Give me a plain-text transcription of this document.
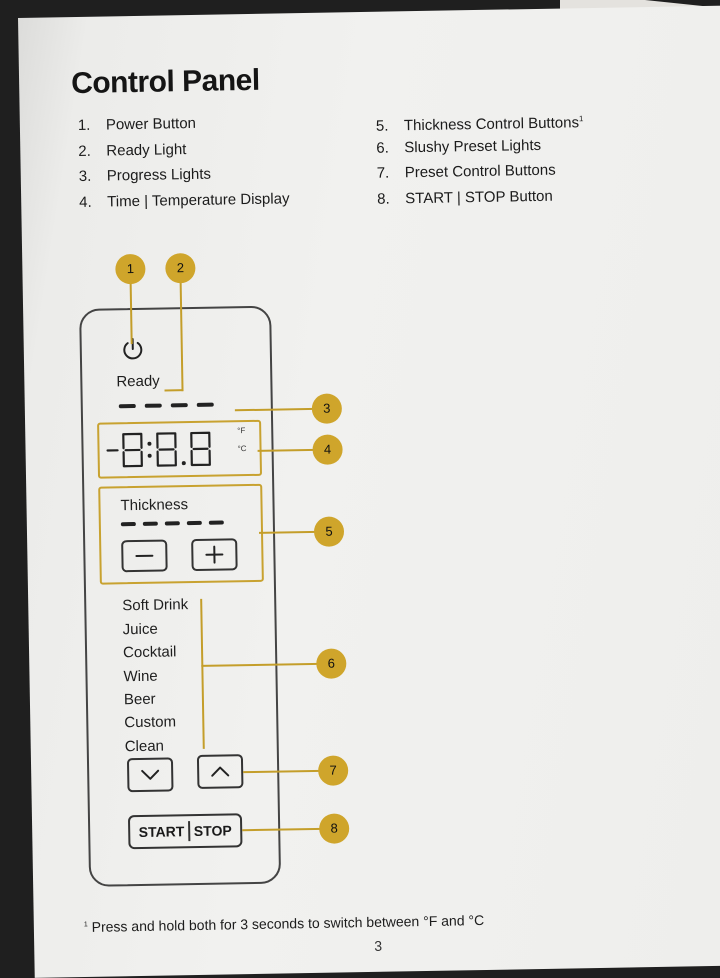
Control Panel
1. Power Button
2. Ready Light
3. Progress Lights
4. Time | Temperature Display
5. Thickness Control Buttons$^1$
6. Slushy Preset Lights
7. Preset Control Buttons
8. START | STOP Button
Ready
°F
°C
Thickness
Soft Drink
Juice
Cocktail
Wine
Beer
Custom
Clean
START STOP
1	2
3
4
5
6
7
8
$^1$ Press and hold both for 3 seconds to switch between °F and °C
3
